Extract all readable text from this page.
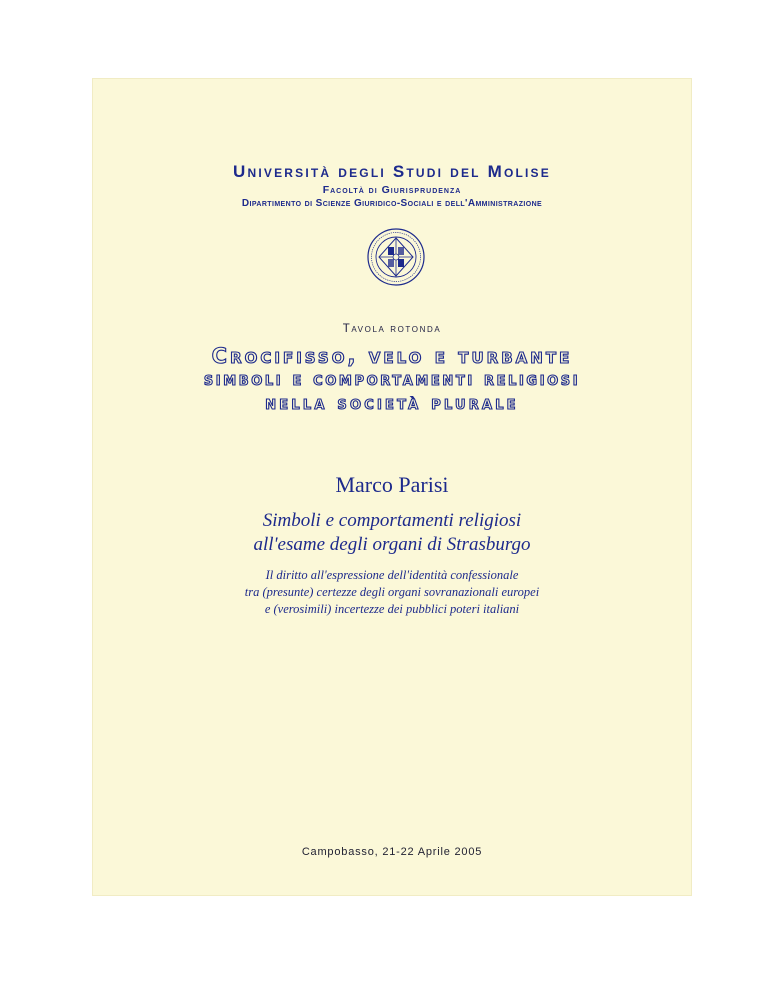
Università degli Studi del Molise
Facoltà di Giurisprudenza
Dipartimento di Scienze Giuridico-Sociali e dell'Amministrazione
Tavola rotonda
Crocifisso, velo e turbante
simboli e comportamenti religiosi
nella società plurale
Marco Parisi
Simboli e comportamenti religiosi
all'esame degli organi di Strasburgo
Il diritto all'espressione dell'identità confessionale
tra (presunte) certezze degli organi sovranazionali europei
e (verosimili) incertezze dei pubblici poteri italiani
Campobasso, 21-22 Aprile 2005
